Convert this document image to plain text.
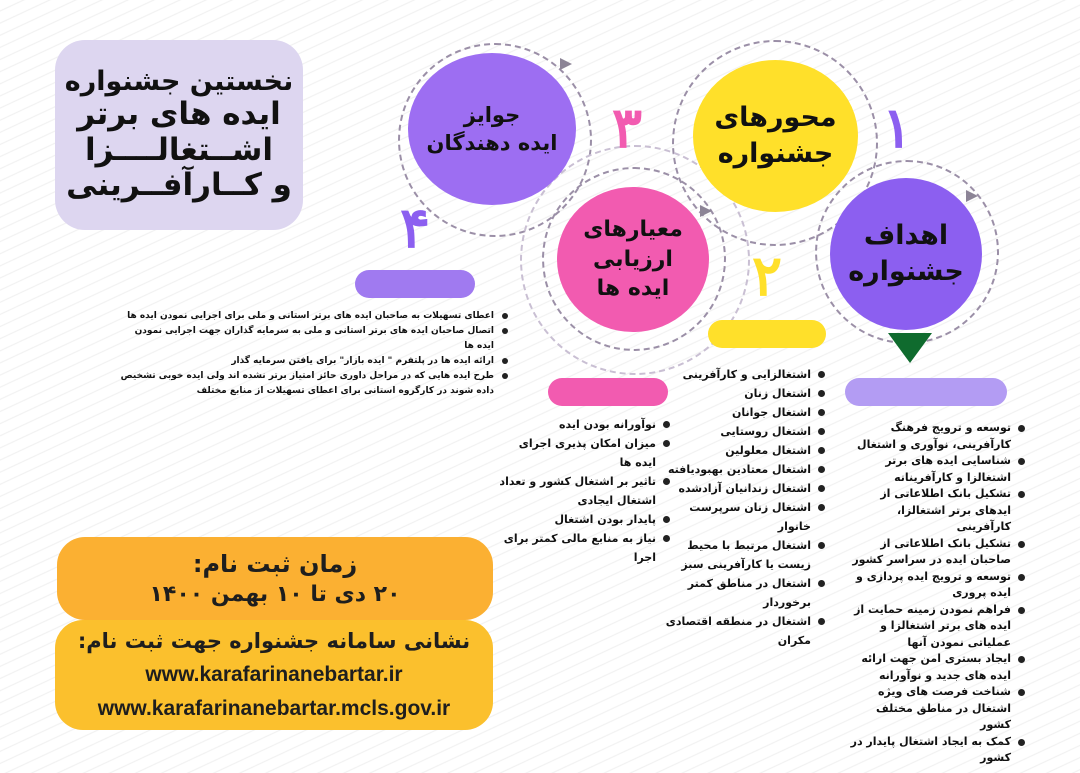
نخستین جشنواره
ایده های برتر
اشــتغالــــزا
و کــارآفــرینی
اهداف
جشنواره
محورهای
جشنواره
معیارهای
ارزیابی
ایده ها
جوایز
ایده دهندگان	۱
۲
۳
۴
توسعه و ترویج فرهنگ کارآفرینی، نوآوری و اشتغال
شناسایی ایده های برتر اشتغالزا و کارآفرینانه
تشکیل بانک اطلاعاتی از ایدهای برتر اشتغالزا، کارآفرینی
تشکیل بانک اطلاعاتی از صاحبان ایده در سراسر کشور
توسعه و ترویج ایده پردازی و ایده پروری
فراهم نمودن زمینه حمایت از ایده های برتر اشتغالزا و عملیاتی نمودن آنها
ایجاد بستری امن جهت ارائه ایده های جدید و نوآورانه
شناخت فرصت های ویژه اشتغال در مناطق مختلف کشور
کمک به ایجاد اشتغال پایدار در کشور
اشتغالزایی و کارآفرینی
اشتغال زنان
اشتغال جوانان
اشتغال روستایی
اشتغال معلولین
اشتغال معتادین بهبودیافته
اشتغال زندانیان آزادشده
اشتغال زنان سرپرست خانوار
اشتغال مرتبط با محیط زیست یا کارآفرینی سبز
اشتغال در مناطق کمتر برخوردار
اشتغال در منطقه اقتصادی مکران
نوآورانه بودن ایده
میزان امکان پذیری اجرای ایده ها
تاثیر بر اشتغال کشور و تعداد اشتغال ایجادی
پایدار بودن اشتغال
نیاز به منابع مالی کمتر برای اجرا
اعطای تسهیلات به صاحبان ایده های برتر استانی و ملی برای اجرایی نمودن ایده ها
اتصال صاحبان ایده های برتر استانی و ملی به سرمایه گذاران جهت اجرایی نمودن ایده ها
ارائه ایده ها در پلتفرم " ایده بازار" برای یافتن سرمایه گذار
طرح ایده هایی که در مراحل داوری حائز امتیاز برتر نشده اند ولی ایده خوبی تشخیص داده شوند در کارگروه استانی برای اعطای تسهیلات از منابع مختلف
زمان ثبت نام:
۲۰ دی تا ۱۰ بهمن ۱۴۰۰
نشانی سامانه جشنواره جهت ثبت نام:
www.karafarinanebartar.ir
www.karafarinanebartar.mcls.gov.ir
